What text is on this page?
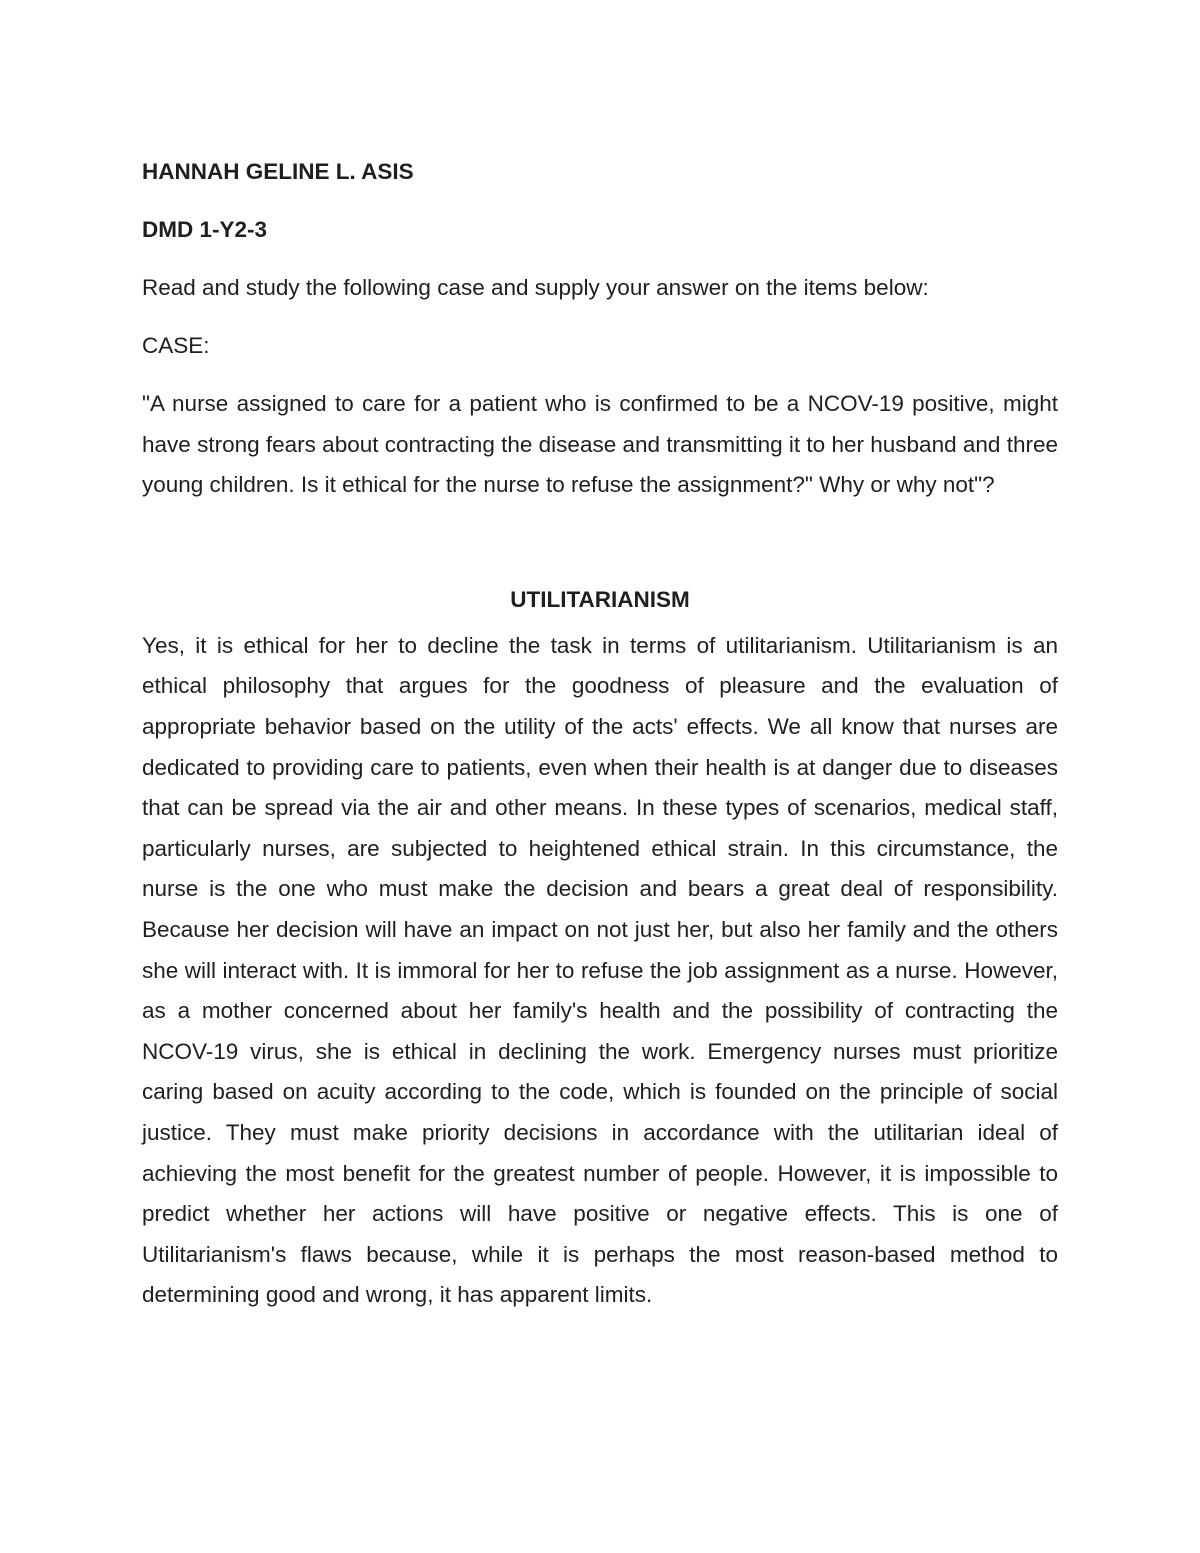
HANNAH GELINE L. ASIS

DMD 1-Y2-3

Read and study the following case and supply your answer on the items below:

CASE:

"A nurse assigned to care for a patient who is confirmed to be a NCOV-19 positive, might have strong fears about contracting the disease and transmitting it to her husband and three young children. Is it ethical for the nurse to refuse the assignment?" Why or why not"?

UTILITARIANISM

Yes, it is ethical for her to decline the task in terms of utilitarianism. Utilitarianism is an ethical philosophy that argues for the goodness of pleasure and the evaluation of appropriate behavior based on the utility of the acts' effects. We all know that nurses are dedicated to providing care to patients, even when their health is at danger due to diseases that can be spread via the air and other means. In these types of scenarios, medical staff, particularly nurses, are subjected to heightened ethical strain. In this circumstance, the nurse is the one who must make the decision and bears a great deal of responsibility. Because her decision will have an impact on not just her, but also her family and the others she will interact with. It is immoral for her to refuse the job assignment as a nurse. However, as a mother concerned about her family's health and the possibility of contracting the NCOV-19 virus, she is ethical in declining the work. Emergency nurses must prioritize caring based on acuity according to the code, which is founded on the principle of social justice. They must make priority decisions in accordance with the utilitarian ideal of achieving the most benefit for the greatest number of people. However, it is impossible to predict whether her actions will have positive or negative effects. This is one of Utilitarianism's flaws because, while it is perhaps the most reason-based method to determining good and wrong, it has apparent limits.
